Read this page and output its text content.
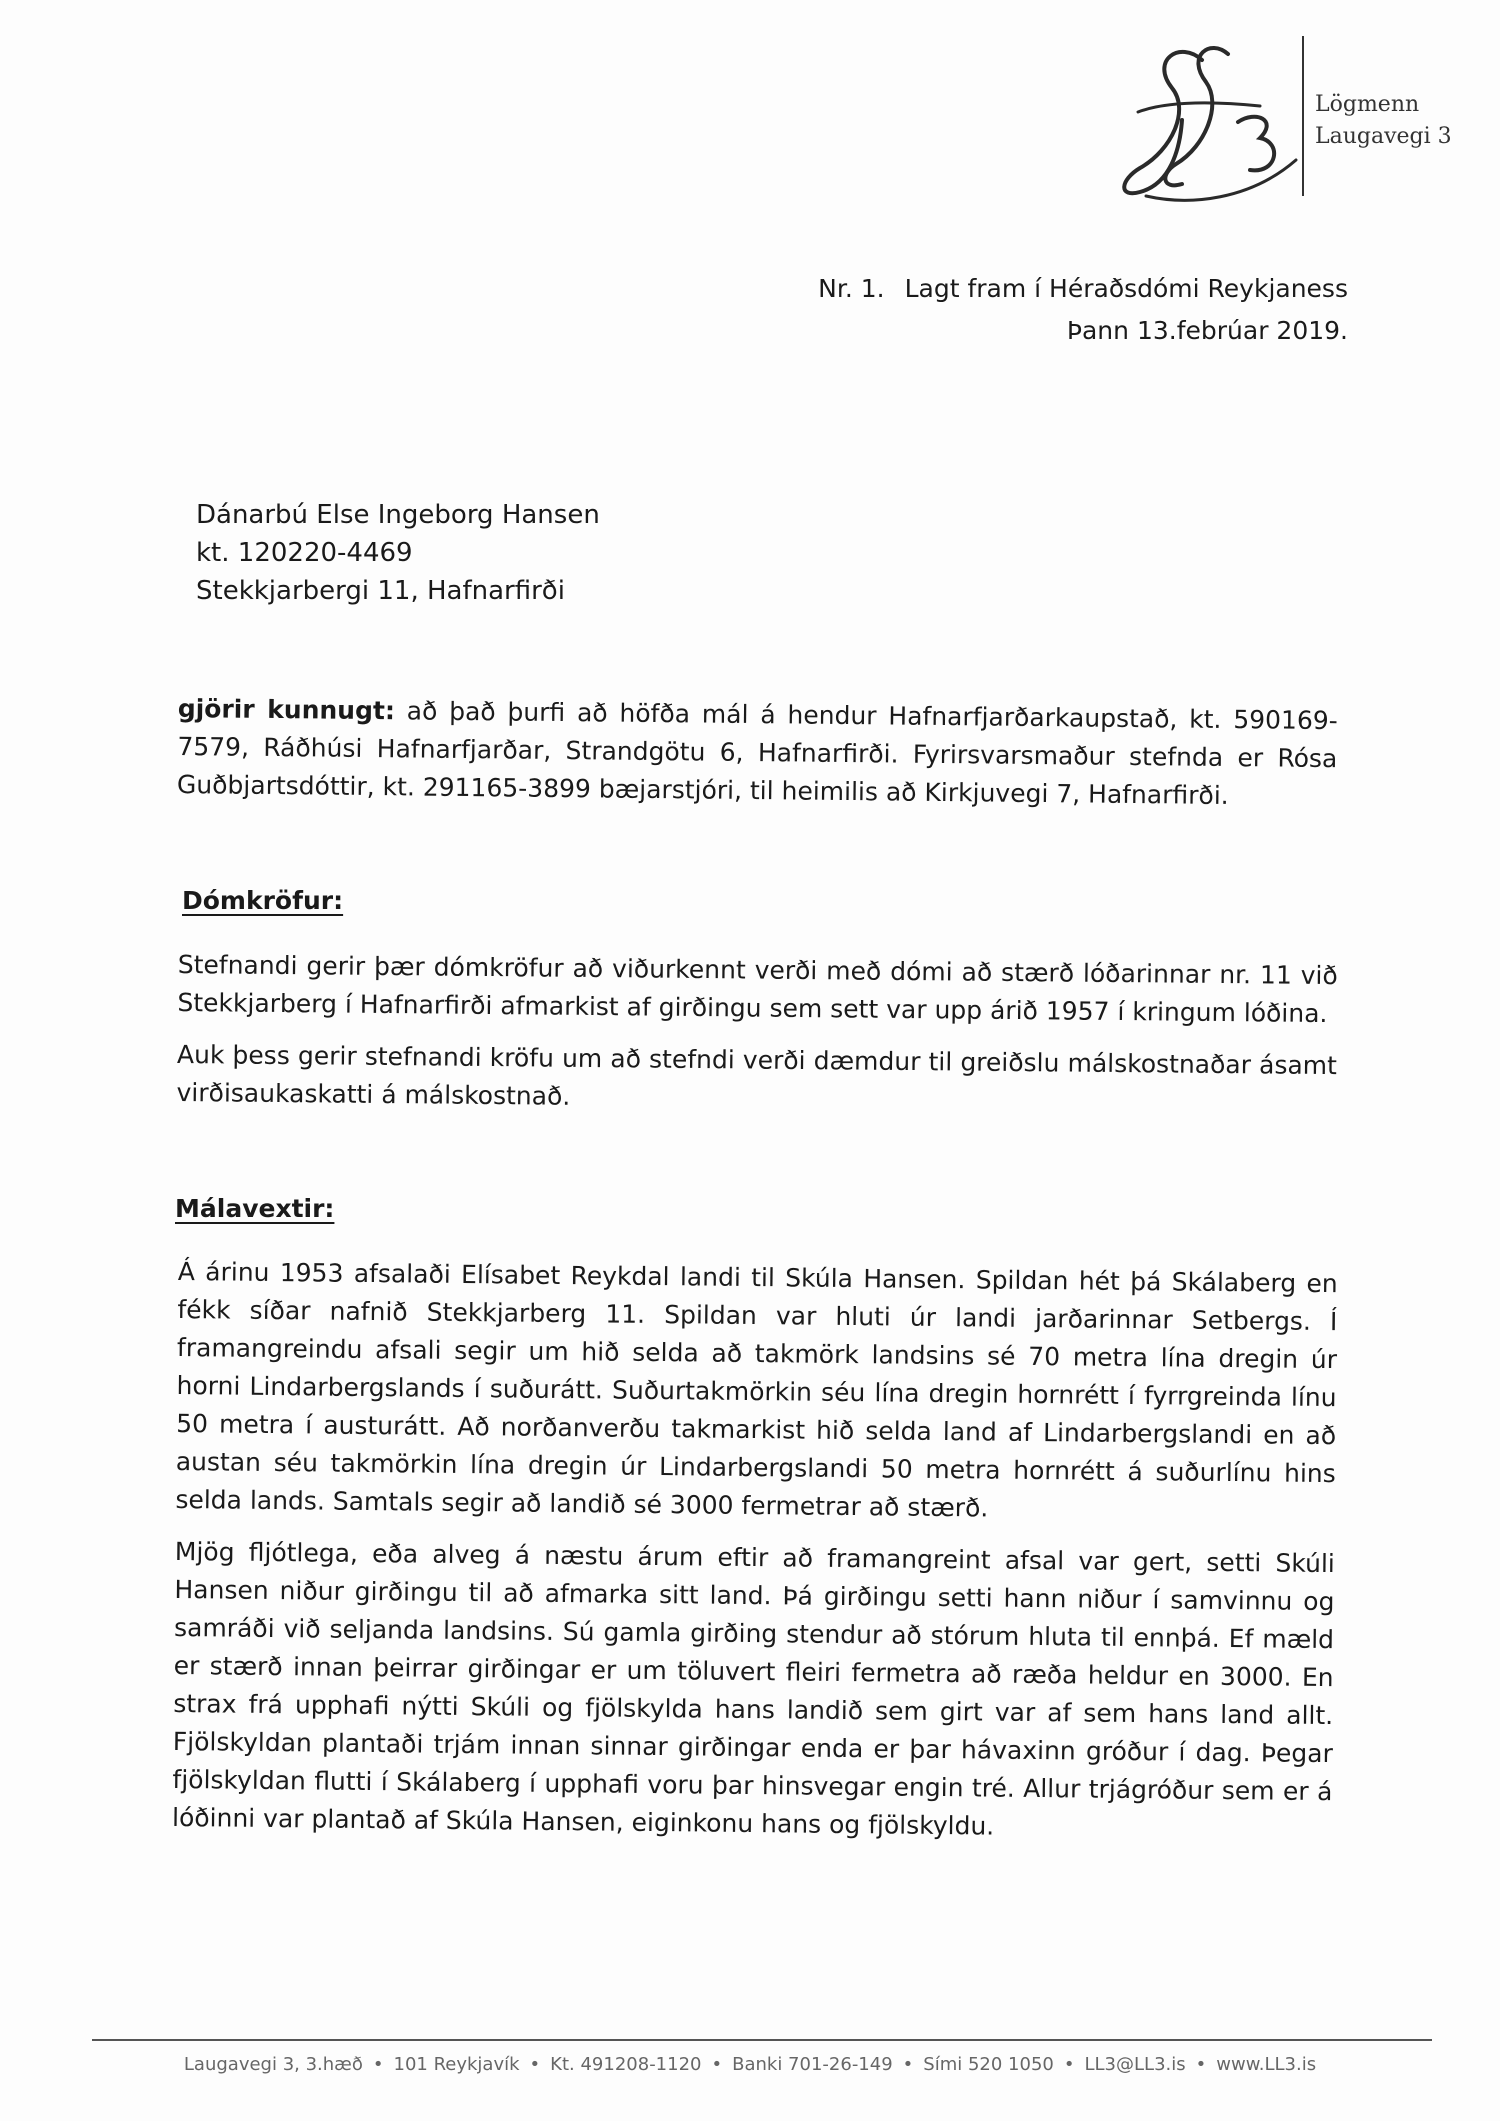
Lögmenn
Laugavegi 3
Nr. 1. Lagt fram í Héraðsdómi Reykjaness
Þann 13.febrúar 2019.
Dánarbú Else Ingeborg Hansen
kt. 120220-4469
Stekkjarbergi 11, Hafnarfirði

gjörir kunnugt: að það þurfi að höfða mál á hendur Hafnarfjarðarkaupstað, kt. 590169-7579, Ráðhúsi Hafnarfjarðar, Strandgötu 6, Hafnarfirði. Fyrirsvarsmaður stefnda er Rósa Guðbjartsdóttir, kt. 291165-3899 bæjarstjóri, til heimilis að Kirkjuvegi 7, Hafnarfirði.

Dómkröfur:

Stefnandi gerir þær dómkröfur að viðurkennt verði með dómi að stærð lóðarinnar nr. 11 við Stekkjarberg í Hafnarfirði afmarkist af girðingu sem sett var upp árið 1957 í kringum lóðina.

Auk þess gerir stefnandi kröfu um að stefndi verði dæmdur til greiðslu málskostnaðar ásamt virðisaukaskatti á málskostnað.

Málavextir:

Á árinu 1953 afsalaði Elísabet Reykdal landi til Skúla Hansen. Spildan hét þá Skálaberg en fékk síðar nafnið Stekkjarberg 11. Spildan var hluti úr landi jarðarinnar Setbergs. Í framangreindu afsali segir um hið selda að takmörk landsins sé 70 metra lína dregin úr horni Lindarbergslands í suðurátt. Suðurtakmörkin séu lína dregin hornrétt í fyrrgreinda línu 50 metra í austurátt. Að norðanverðu takmarkist hið selda land af Lindarbergslandi en að austan séu takmörkin lína dregin úr Lindarbergslandi 50 metra hornrétt á suðurlínu hins selda lands. Samtals segir að landið sé 3000 fermetrar að stærð.

Mjög fljótlega, eða alveg á næstu árum eftir að framangreint afsal var gert, setti Skúli Hansen niður girðingu til að afmarka sitt land. Þá girðingu setti hann niður í samvinnu og samráði við seljanda landsins. Sú gamla girðing stendur að stórum hluta til ennþá. Ef mæld er stærð innan þeirrar girðingar er um töluvert fleiri fermetra að ræða heldur en 3000. En strax frá upphafi nýtti Skúli og fjölskylda hans landið sem girt var af sem hans land allt. Fjölskyldan plantaði trjám innan sinnar girðingar enda er þar hávaxinn gróður í dag. Þegar fjölskyldan flutti í Skálaberg í upphafi voru þar hinsvegar engin tré. Allur trjágróður sem er á lóðinni var plantað af Skúla Hansen, eiginkonu hans og fjölskyldu.

Laugavegi 3, 3.hæð • 101 Reykjavík • Kt. 491208-1120 • Banki 701-26-149 • Sími 520 1050 • LL3@LL3.is • www.LL3.is
